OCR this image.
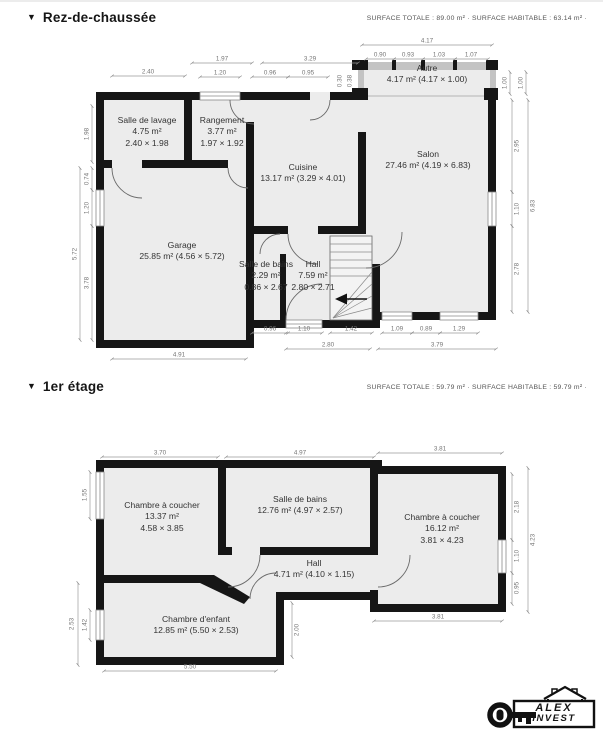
▼ Rez-de-chaussée	SURFACE TOTALE : 89.00 m² · SURFACE HABITABLE : 63.14 m² ·
▼ 1er étage	SURFACE TOTALE : 59.79 m² · SURFACE HABITABLE : 59.79 m² ·
Salle de lavage
4.75 m²
2.40 × 1.98
Rangement
3.77 m²
1.97 × 1.92
Autre
4.17 m² (4.17 × 1.00)
Cuisine
13.17 m² (3.29 × 4.01)
Salon
27.46 m² (4.19 × 6.83)
Garage
25.85 m² (4.56 × 5.72)
Salle de bains
2.29 m²
0.86 × 2.67
Hall
7.59 m²
2.80 × 2.71
2.40
1.97
1.20
3.29
0.96	0.95
0.30 0.38
4.17
0.90 0.93	1.03	1.07
1.98
0.74
1.20
3.78
5.72
1.00 1.00
2.95
1.10
2.78
6.83
4.91
0.96	1.10	1.42	1.09	0.89	1.29
2.80	3.79
Chambre à coucher
13.37 m²
4.58 × 3.85
Salle de bains
12.76 m² (4.97 × 2.57)
Chambre à coucher
16.12 m²
3.81 × 4.23
Hall
4.71 m² (4.10 × 1.15)
Chambre d'enfant
12.85 m² (5.50 × 2.53)
3.70	4.97
3.81
1.55
1.42
2.53
2.18
1.10
0.95
4.23
2.00
3.81
5.50
ALEX
INVEST
